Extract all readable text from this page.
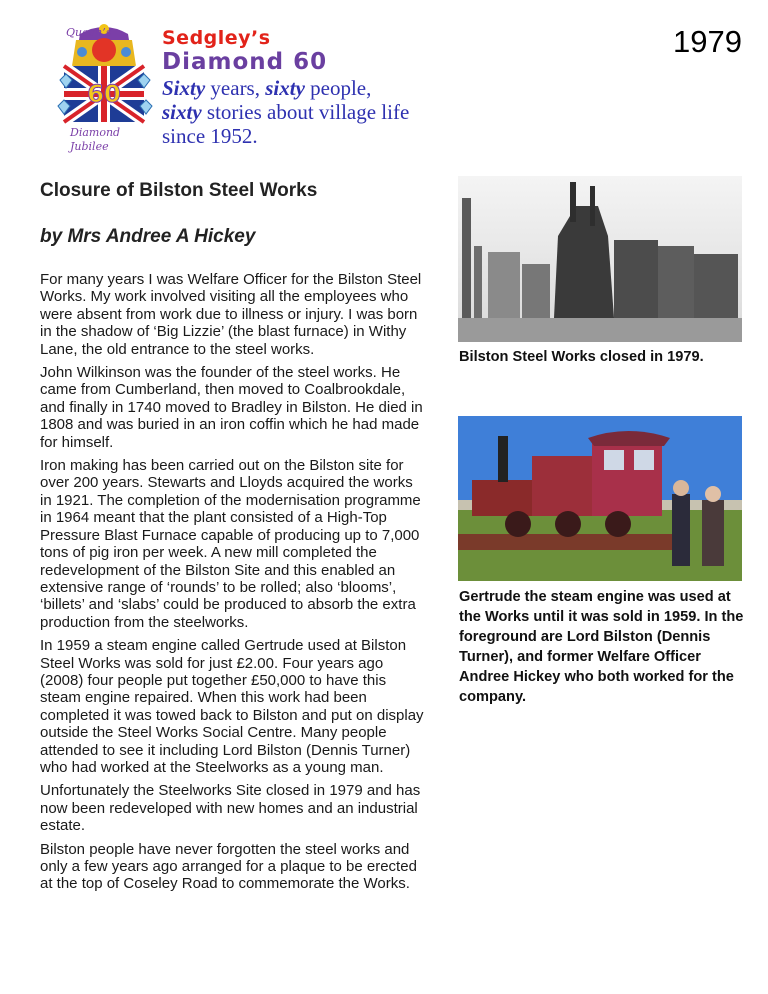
Queen’s
60
Diamond
Jubilee
Sedgley’s
Diamond 60
Sixty years, sixty people,
sixty stories about village life
since 1952.
1979
Closure of Bilston Steel Works
by Mrs Andree A Hickey

For many years I was Welfare Officer for the Bilston Steel Works. My work involved visiting all the employees who were absent from work due to illness or injury. I was born in the shadow of ‘Big Lizzie’ (the blast furnace) in Withy Lane, the old entrance to the steel works.

John Wilkinson was the founder of the steel works. He came from Cumberland, then moved to Coalbrookdale, and finally in 1740 moved to Bradley in Bilston. He died in 1808 and was buried in an iron coffin which he had made for himself.

Iron making has been carried out on the Bilston site for over 200 years. Stewarts and Lloyds acquired the works in 1921. The completion of the modernisation programme in 1964 meant that the plant consisted of a High-Top Pressure Blast Furnace capable of producing up to 7,000 tons of pig iron per week. A new mill completed the redevelopment of the Bilston Site and this enabled an extensive range of ‘rounds’ to be rolled; also ‘blooms’, ‘billets’ and ‘slabs’ could be produced to absorb the extra production from the steelworks.

In 1959 a steam engine called Gertrude used at Bilston Steel Works was sold for just £2.00. Four years ago (2008) four people put together £50,000 to have this steam engine repaired. When this work had been completed it was towed back to Bilston and put on display outside the Steel Works Social Centre. Many people attended to see it including Lord Bilston (Dennis Turner) who had worked at the Steelworks as a young man.

Unfortunately the Steelworks Site closed in 1979 and has now been redeveloped with new homes and an industrial estate.

Bilston people have never forgotten the steel works and only a few years ago arranged for a plaque to be erected at the top of Coseley Road to commemorate the Works.

Bilston Steel Works closed in 1979.
Gertrude the steam engine was used at the Works until it was sold in 1959. In the foreground are Lord Bilston (Dennis Turner), and former Welfare Officer Andree Hickey who both worked for the company.
